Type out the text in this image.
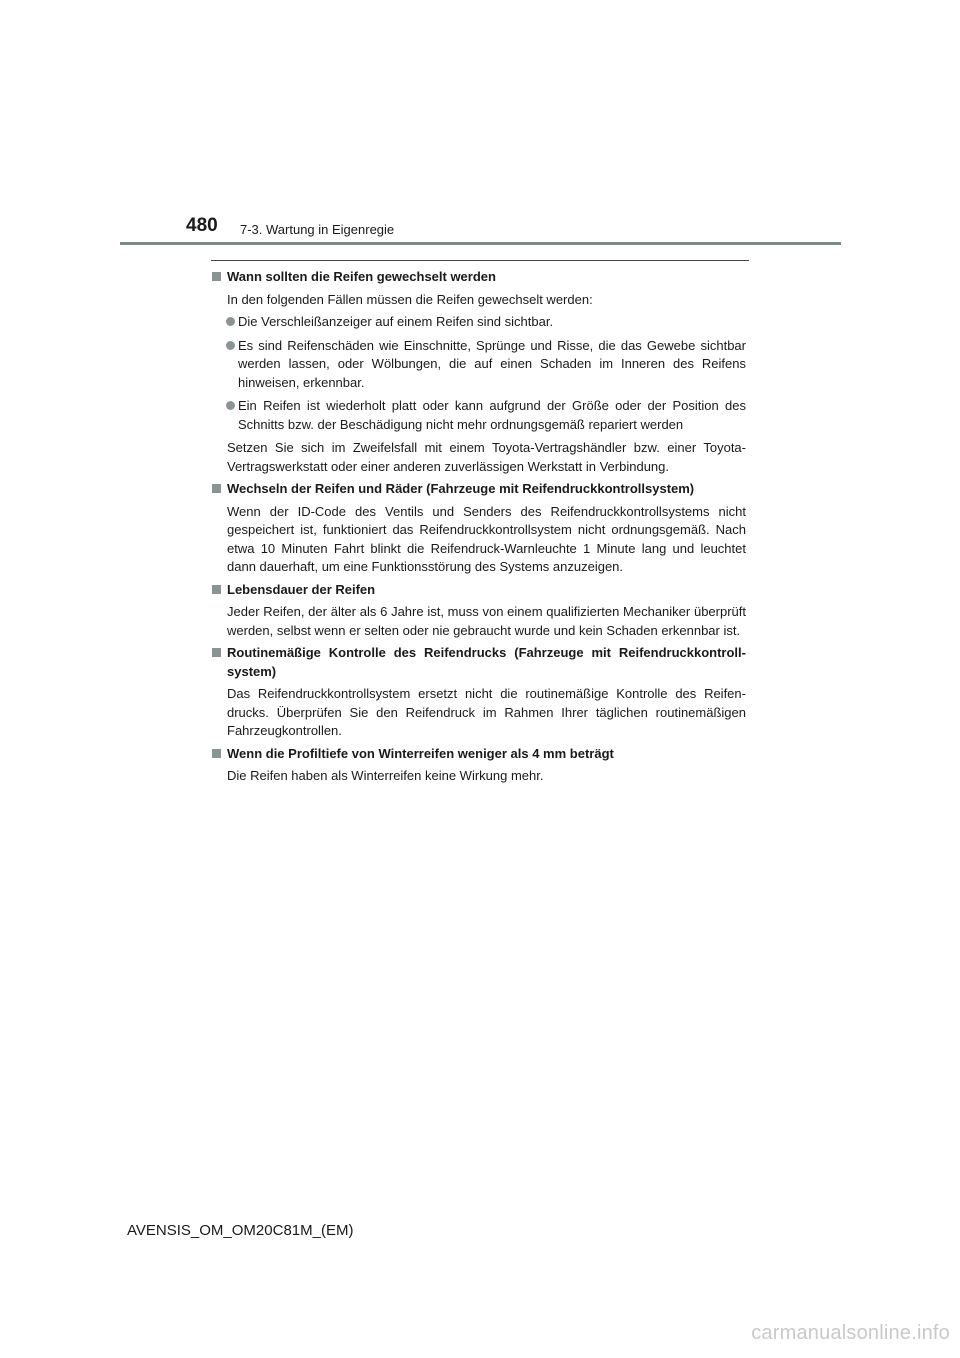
480 7-3. Wartung in Eigenregie
Wann sollten die Reifen gewechselt werden
In den folgenden Fällen müssen die Reifen gewechselt werden:
Die Verschleißanzeiger auf einem Reifen sind sichtbar.
Es sind Reifenschäden wie Einschnitte, Sprünge und Risse, die das Gewebe sichtbar werden lassen, oder Wölbungen, die auf einen Schaden im Inneren des Reifens hinweisen, erkennbar.
Ein Reifen ist wiederholt platt oder kann aufgrund der Größe oder der Position des Schnitts bzw. der Beschädigung nicht mehr ordnungsgemäß repariert werden
Setzen Sie sich im Zweifelsfall mit einem Toyota-Vertragshändler bzw. einer Toyota-Vertragswerkstatt oder einer anderen zuverlässigen Werkstatt in Verbindung.
Wechseln der Reifen und Räder (Fahrzeuge mit Reifendruckkontrollsystem)
Wenn der ID-Code des Ventils und Senders des Reifendruckkontrollsystems nicht gespeichert ist, funktioniert das Reifendruckkontrollsystem nicht ordnungsgemäß. Nach etwa 10 Minuten Fahrt blinkt die Reifendruck-Warnleuchte 1 Minute lang und leuchtet dann dauerhaft, um eine Funktionsstörung des Systems anzuzeigen.
Lebensdauer der Reifen
Jeder Reifen, der älter als 6 Jahre ist, muss von einem qualifizierten Mechaniker überprüft werden, selbst wenn er selten oder nie gebraucht wurde und kein Schaden erkennbar ist.
Routinemäßige Kontrolle des Reifendrucks (Fahrzeuge mit Reifendruckkontrollsystem)
Das Reifendruckkontrollsystem ersetzt nicht die routinemäßige Kontrolle des Reifendrucks. Überprüfen Sie den Reifendruck im Rahmen Ihrer täglichen routinemäßigen Fahrzeugkontrollen.
Wenn die Profiltiefe von Winterreifen weniger als 4 mm beträgt
Die Reifen haben als Winterreifen keine Wirkung mehr.
AVENSIS_OM_OM20C81M_(EM)
carmanualsonline.info
